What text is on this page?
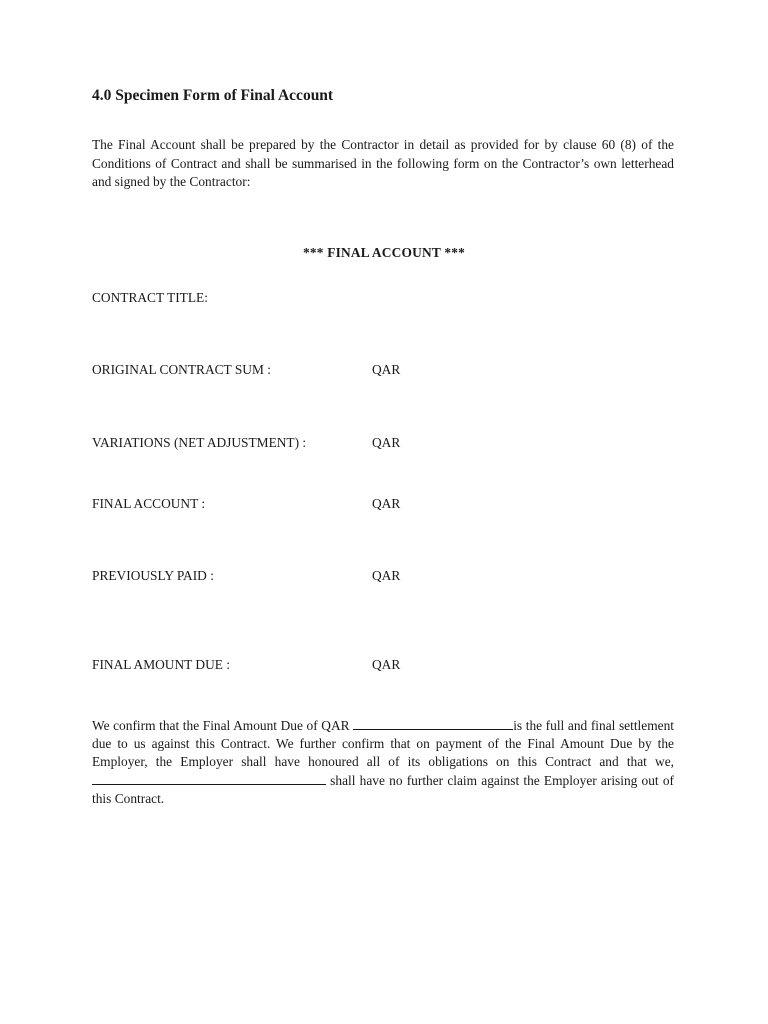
4.0 Specimen Form of Final Account

The Final Account shall be prepared by the Contractor in detail as provided for by clause 60 (8) of the Conditions of Contract and shall be summarised in the following form on the Contractor’s own letterhead and signed by the Contractor:

*** FINAL ACCOUNT ***
CONTRACT TITLE:
ORIGINAL CONTRACT SUM :	QAR
VARIATIONS (NET ADJUSTMENT) :	QAR
FINAL ACCOUNT :	QAR
PREVIOUSLY PAID :	QAR
FINAL AMOUNT DUE :	QAR

We confirm that the Final Amount Due of QAR	is the full and final settlement due to us against this Contract. We further confirm that on payment of the Final Amount Due by the Employer, the Employer shall have honoured all of its obligations on this Contract and that we,  shall have no further claim against the Employer arising out of this Contract.
